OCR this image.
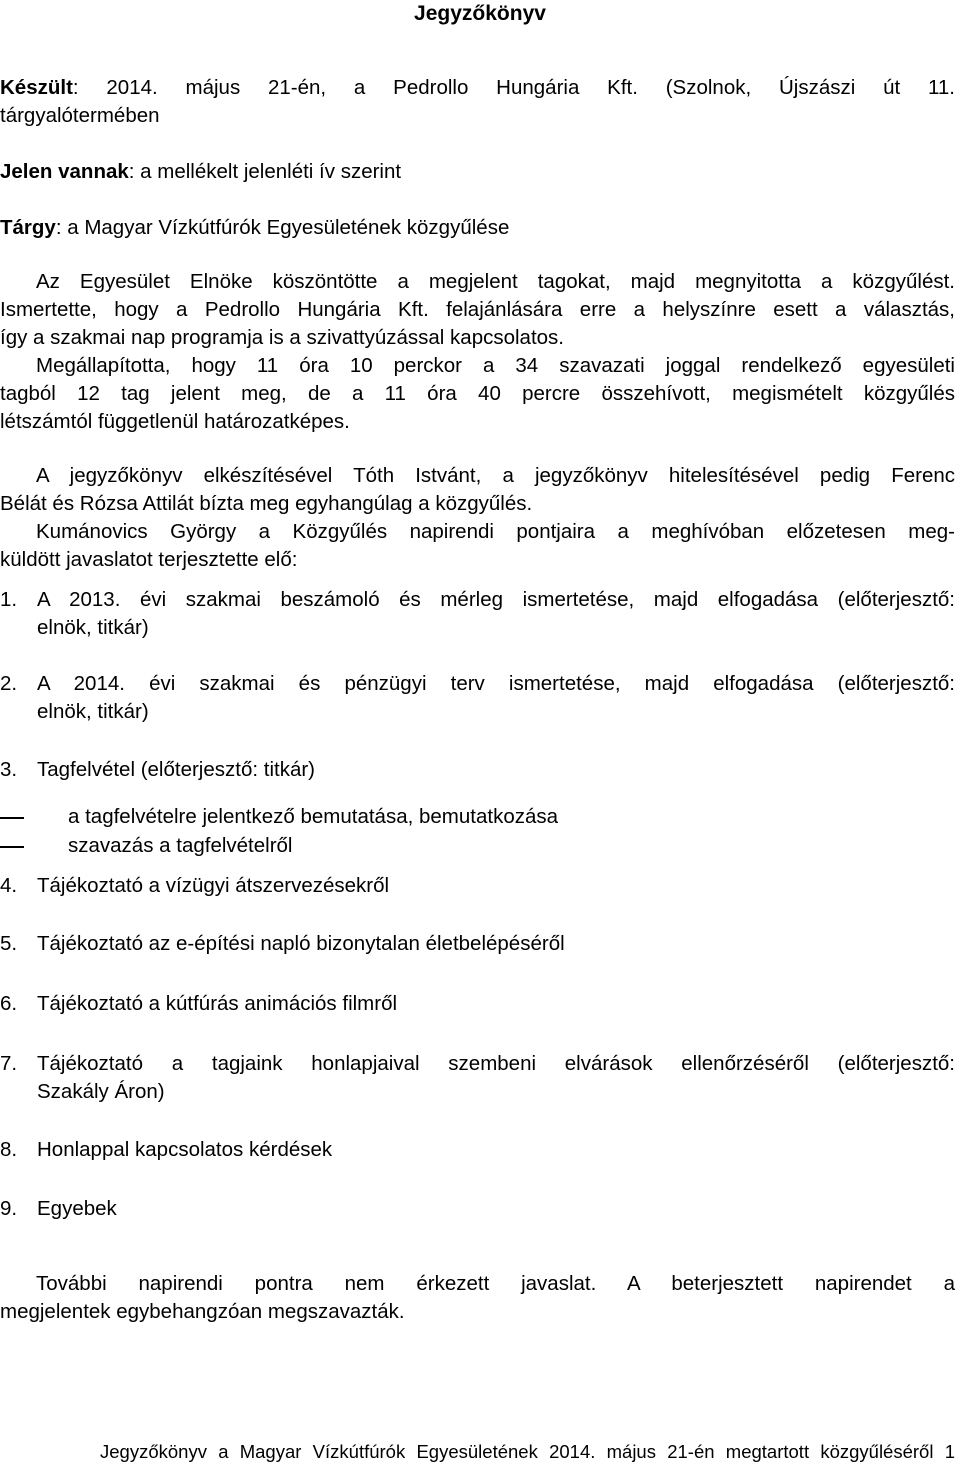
Jegyzőkönyv
Készült: 2014. május 21-én, a Pedrollo Hungária Kft. (Szolnok, Újszászi út 11.
tárgyalótermében
Jelen vannak: a mellékelt jelenléti ív szerint
Tárgy: a Magyar Vízkútfúrók Egyesületének közgyűlése
Az Egyesület Elnöke köszöntötte a megjelent tagokat, majd megnyitotta a közgyűlést.
Ismertette, hogy a Pedrollo Hungária Kft. felajánlására erre a helyszínre esett a választás,
így a szakmai nap programja is a szivattyúzással kapcsolatos.
Megállapította, hogy 11 óra 10 perckor a 34 szavazati joggal rendelkező egyesületi
tagból 12 tag jelent meg, de a 11 óra 40 percre összehívott, megismételt közgyűlés
létszámtól függetlenül határozatképes.
A jegyzőkönyv elkészítésével Tóth Istvánt, a jegyzőkönyv hitelesítésével pedig Ferenc
Bélát és Rózsa Attilát bízta meg egyhangúlag a közgyűlés.
Kumánovics György a Közgyűlés napirendi pontjaira a meghívóban előzetesen meg-
küldött javaslatot terjesztette elő:
1. A 2013. évi szakmai beszámoló és mérleg ismertetése, majd elfogadása (előterjesztő:
elnök, titkár)
2. A 2014. évi szakmai és pénzügyi terv ismertetése, majd elfogadása (előterjesztő:
elnök, titkár)
3. Tagfelvétel (előterjesztő: titkár)
a tagfelvételre jelentkező bemutatása, bemutatkozása
szavazás a tagfelvételről
4. Tájékoztató a vízügyi átszervezésekről
5. Tájékoztató az e-építési napló bizonytalan életbelépéséről
6. Tájékoztató a kútfúrás animációs filmről
7. Tájékoztató a tagjaink honlapjaival szembeni elvárások ellenőrzéséről (előterjesztő:
Szakály Áron)
8. Honlappal kapcsolatos kérdések
9. Egyebek
További napirendi pontra nem érkezett javaslat. A beterjesztett napirendet a
megjelentek egybehangzóan megszavazták.
Jegyzőkönyv a Magyar Vízkútfúrók Egyesületének 2014. május 21-én megtartott közgyűléséről 1
